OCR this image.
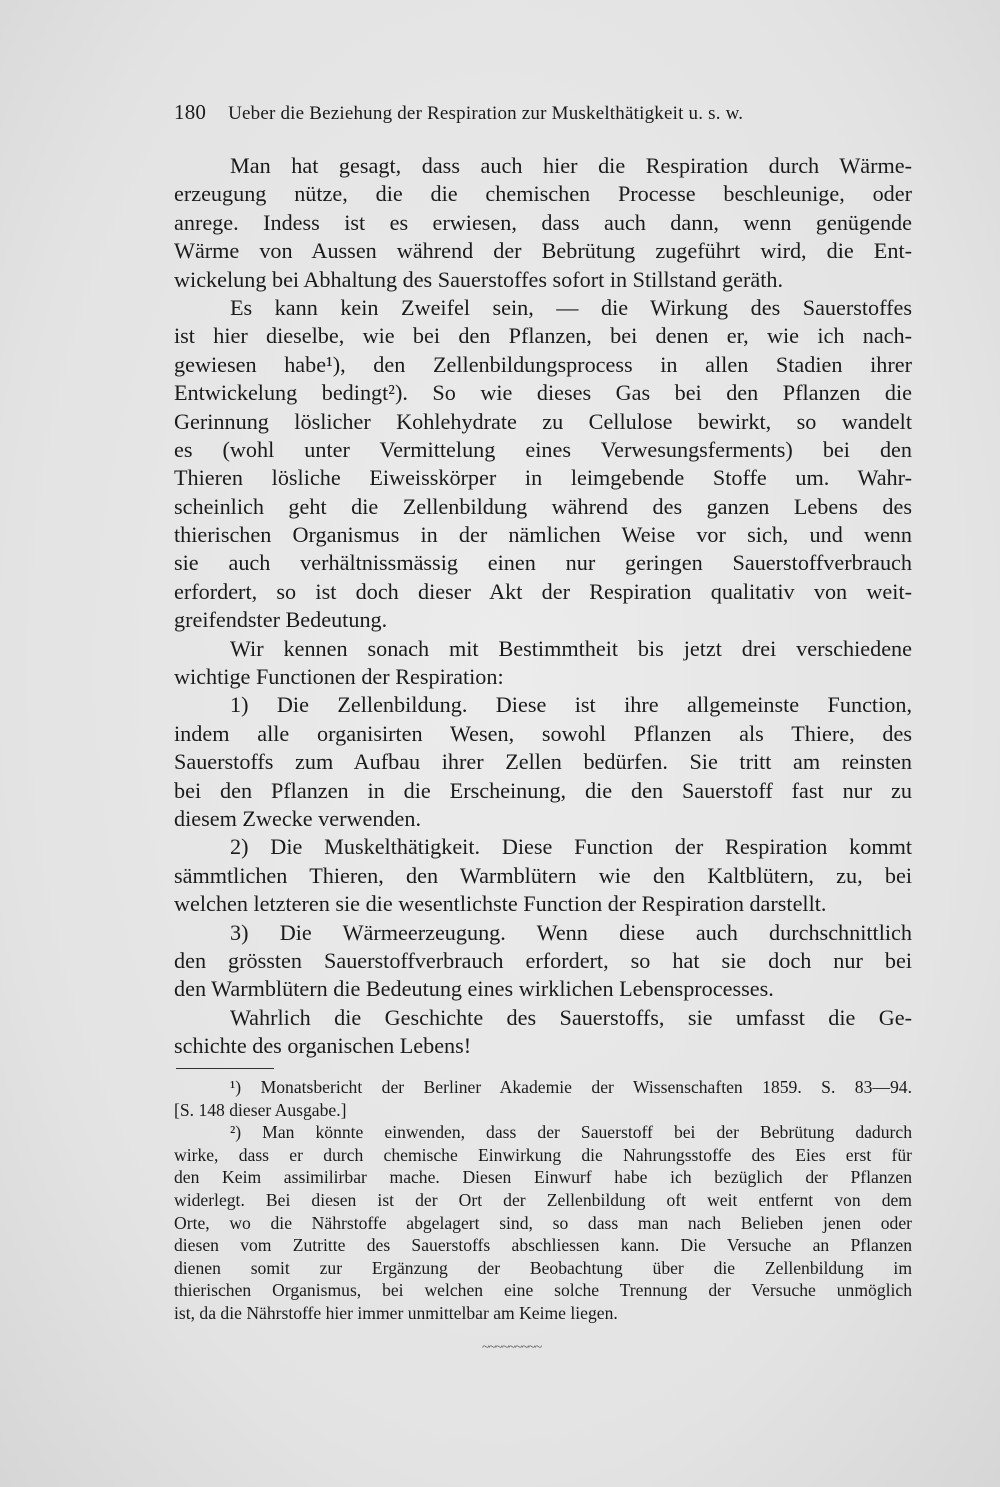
180 Ueber die Beziehung der Respiration zur Muskelthätigkeit u. s. w.
Man hat gesagt, dass auch hier die Respiration durch Wärme-
erzeugung nütze, die die chemischen Processe beschleunige, oder
anrege. Indess ist es erwiesen, dass auch dann, wenn genügende
Wärme von Aussen während der Bebrütung zugeführt wird, die Ent-
wickelung bei Abhaltung des Sauerstoffes sofort in Stillstand geräth.
Es kann kein Zweifel sein, — die Wirkung des Sauerstoffes
ist hier dieselbe, wie bei den Pflanzen, bei denen er, wie ich nach-
gewiesen habe¹), den Zellenbildungsprocess in allen Stadien ihrer
Entwickelung bedingt²). So wie dieses Gas bei den Pflanzen die
Gerinnung löslicher Kohlehydrate zu Cellulose bewirkt, so wandelt
es (wohl unter Vermittelung eines Verwesungsferments) bei den
Thieren lösliche Eiweisskörper in leimgebende Stoffe um. Wahr-
scheinlich geht die Zellenbildung während des ganzen Lebens des
thierischen Organismus in der nämlichen Weise vor sich, und wenn
sie auch verhältnissmässig einen nur geringen Sauerstoffverbrauch
erfordert, so ist doch dieser Akt der Respiration qualitativ von weit-
greifendster Bedeutung.
Wir kennen sonach mit Bestimmtheit bis jetzt drei verschiedene
wichtige Functionen der Respiration:
1) Die Zellenbildung. Diese ist ihre allgemeinste Function,
indem alle organisirten Wesen, sowohl Pflanzen als Thiere, des
Sauerstoffs zum Aufbau ihrer Zellen bedürfen. Sie tritt am reinsten
bei den Pflanzen in die Erscheinung, die den Sauerstoff fast nur zu
diesem Zwecke verwenden.
2) Die Muskelthätigkeit. Diese Function der Respiration kommt
sämmtlichen Thieren, den Warmblütern wie den Kaltblütern, zu, bei
welchen letzteren sie die wesentlichste Function der Respiration darstellt.
3) Die Wärmeerzeugung. Wenn diese auch durchschnittlich
den grössten Sauerstoffverbrauch erfordert, so hat sie doch nur bei
den Warmblütern die Bedeutung eines wirklichen Lebensprocesses.
Wahrlich die Geschichte des Sauerstoffs, sie umfasst die Ge-
schichte des organischen Lebens!
¹) Monatsbericht der Berliner Akademie der Wissenschaften 1859. S. 83—94.
[S. 148 dieser Ausgabe.]
²) Man könnte einwenden, dass der Sauerstoff bei der Bebrütung dadurch
wirke, dass er durch chemische Einwirkung die Nahrungsstoffe des Eies erst für
den Keim assimilirbar mache. Diesen Einwurf habe ich bezüglich der Pflanzen
widerlegt. Bei diesen ist der Ort der Zellenbildung oft weit entfernt von dem
Orte, wo die Nährstoffe abgelagert sind, so dass man nach Belieben jenen oder
diesen vom Zutritte des Sauerstoffs abschliessen kann. Die Versuche an Pflanzen
dienen somit zur Ergänzung der Beobachtung über die Zellenbildung im
thierischen Organismus, bei welchen eine solche Trennung der Versuche unmöglich
ist, da die Nährstoffe hier immer unmittelbar am Keime liegen.
~~~~~~~~~
